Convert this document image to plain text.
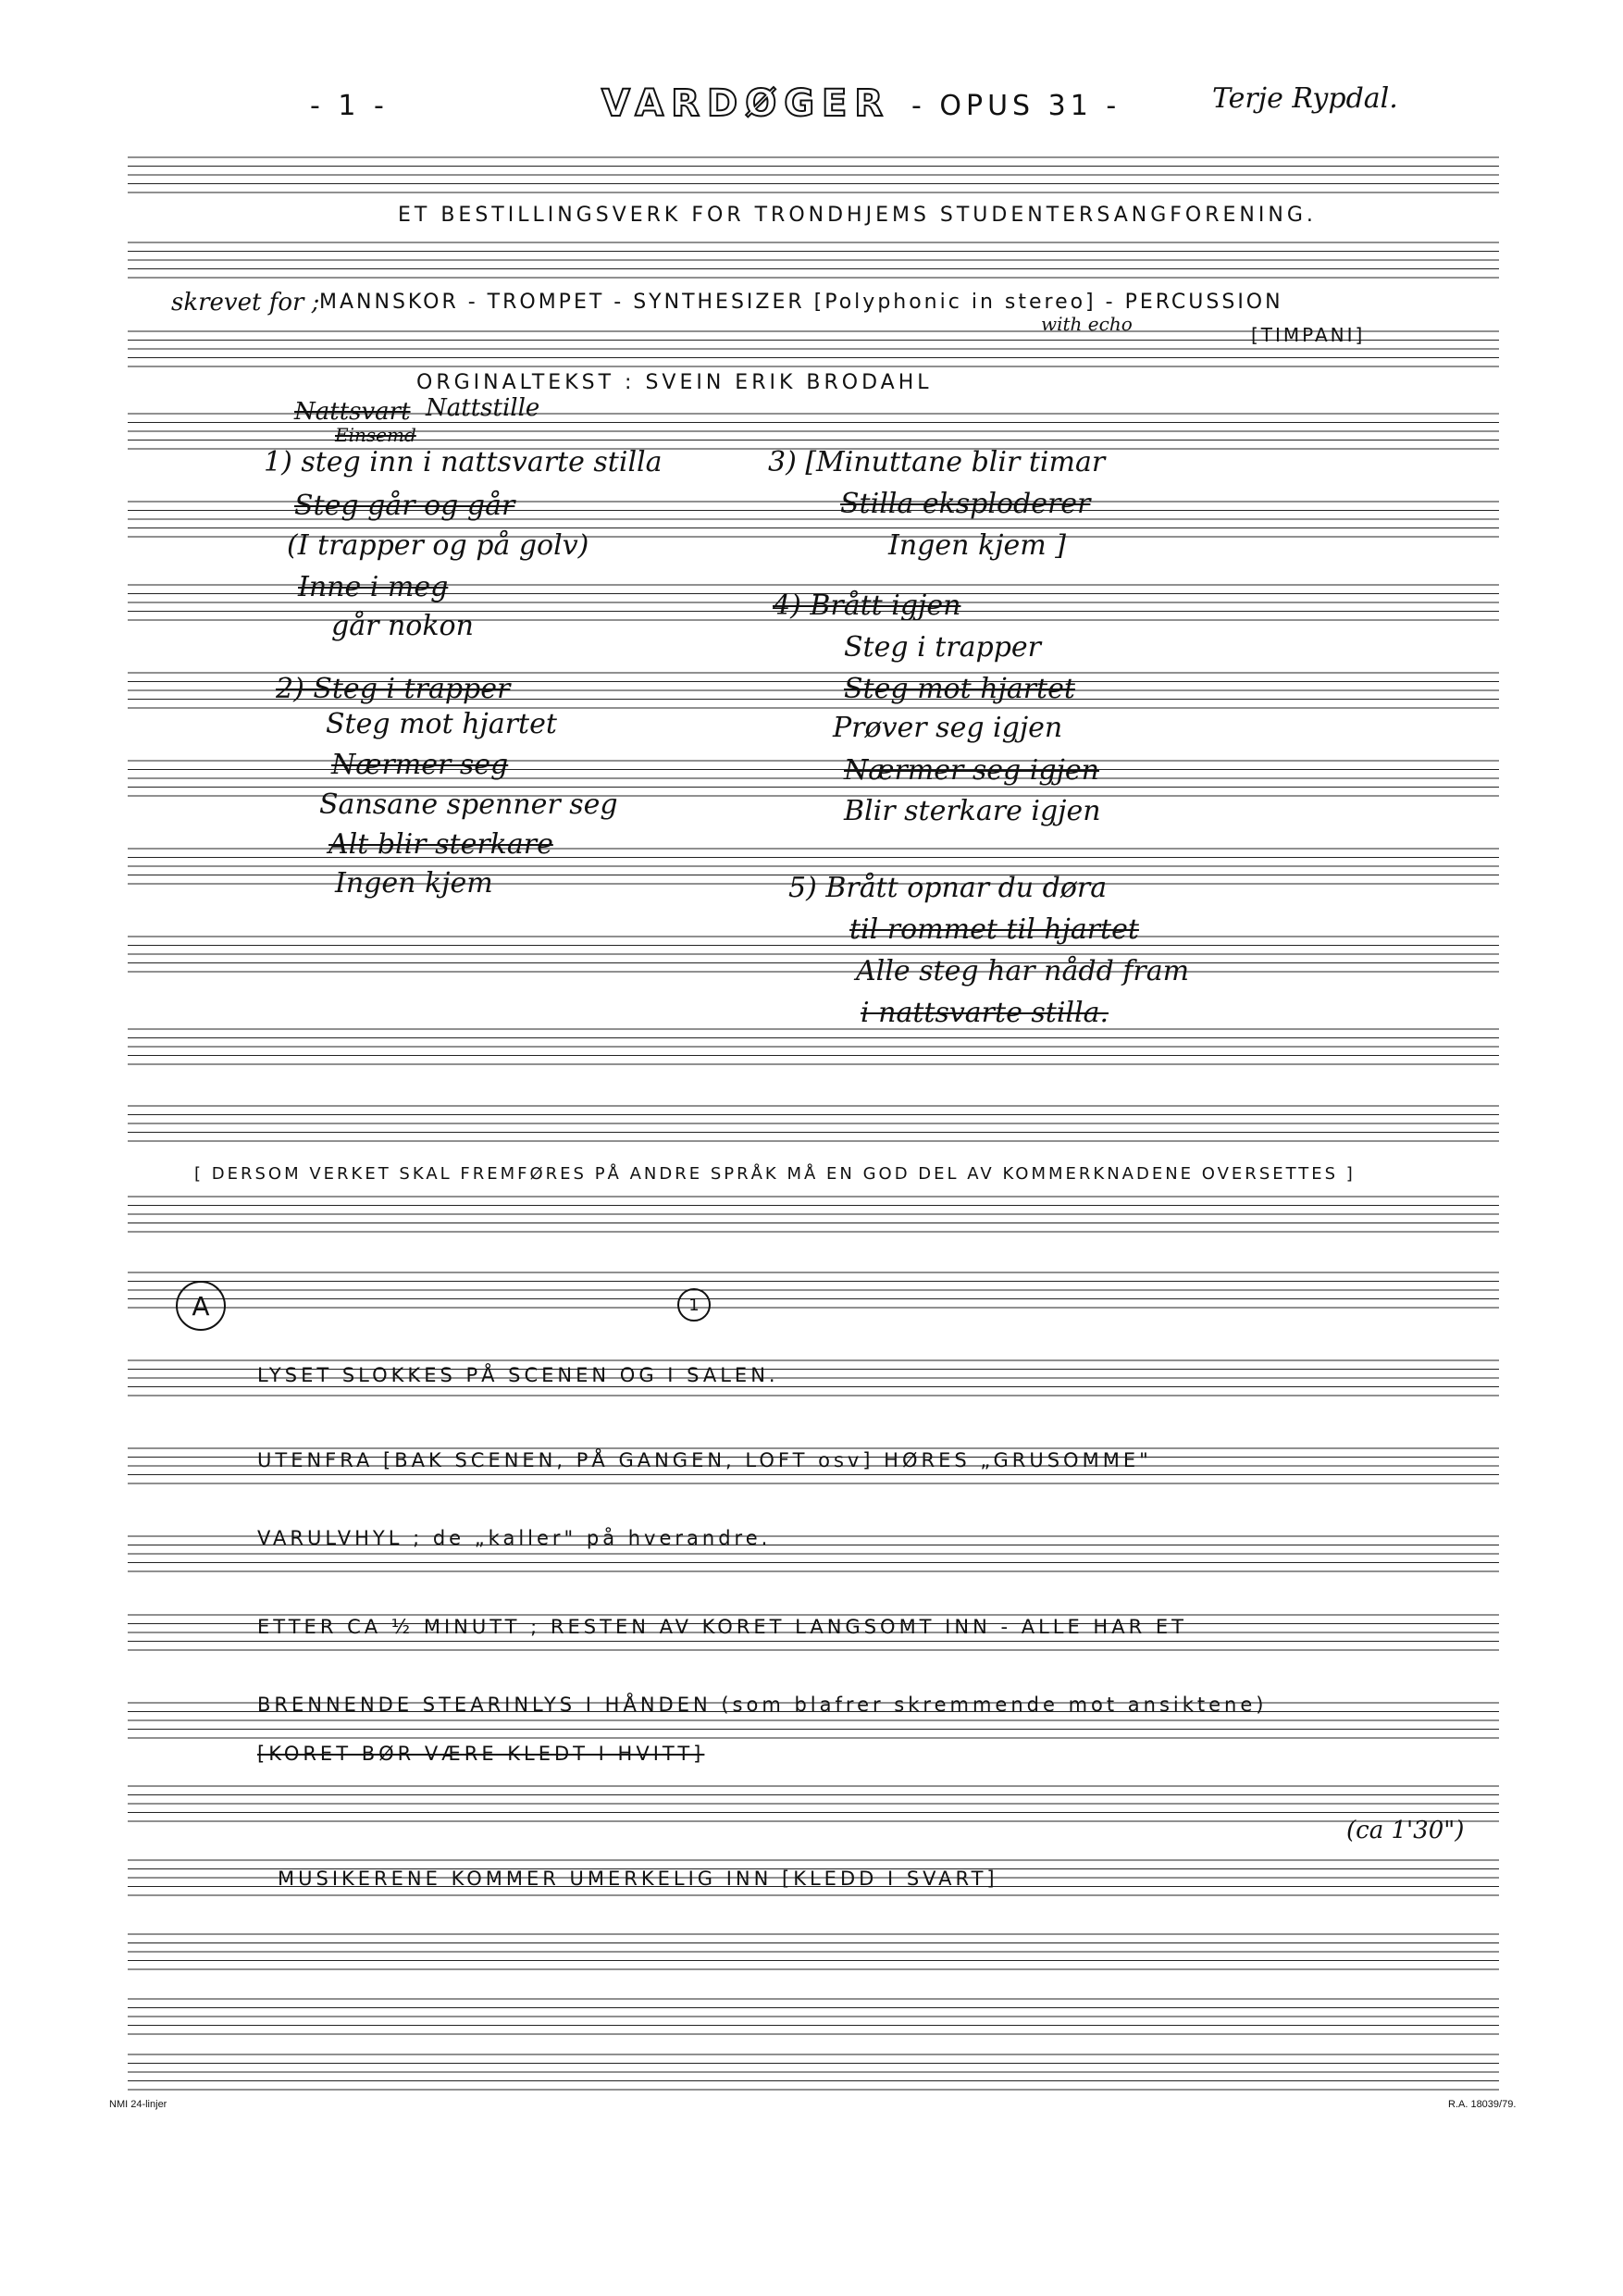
- 1 -	VARDØGER - OPUS 31 -	Terje Rypdal.
ET BESTILLINGSVERK FOR TRONDHJEMS STUDENTERSANGFORENING.
skrevet for ; MANNSKOR - TROMPET - SYNTHESIZER [Polyphonic in stereo] - PERCUSSION
with echo	[TIMPANI]
ORGINALTEKST : SVEIN ERIK BRODAHL
Nattsvart Nattstille
Einsemd
1) steg inn i nattsvarte stilla
Steg går og går
(I trapper og på golv)
Inne i meg
går nokon
2) Steg i trapper
Steg mot hjartet
Nærmer seg
Sansane spenner seg
Alt blir sterkare
Ingen kjem
3) [Minuttane blir timar
Stilla eksploderer
Ingen kjem ]
4) Brått igjen
Steg i trapper
Steg mot hjartet
Prøver seg igjen
Nærmer seg igjen
Blir sterkare igjen
5) Brått opnar du døra
til rommet til hjartet
Alle steg har nådd fram
i nattsvarte stilla.
[ DERSOM VERKET SKAL FREMFØRES PÅ ANDRE SPRÅK MÅ EN GOD DEL AV KOMMERKNADENE OVERSETTES ]
A	1
LYSET SLOKKES PÅ SCENEN OG I SALEN.
UTENFRA [BAK SCENEN, PÅ GANGEN, LOFT osv] HØRES „GRUSOMME"
VARULVHYL ; de „kaller" på hverandre.
ETTER CA ½ MINUTT ; RESTEN AV KORET LANGSOMT INN - ALLE HAR ET
BRENNENDE STEARINLYS I HÅNDEN (som blafrer skremmende mot ansiktene)
[KORET BØR VÆRE KLEDT I HVITT]
MUSIKERENE KOMMER UMERKELIG INN [KLEDD I SVART]
(ca 1'30")
NMI 24-linjer	R.A. 18039/79.
